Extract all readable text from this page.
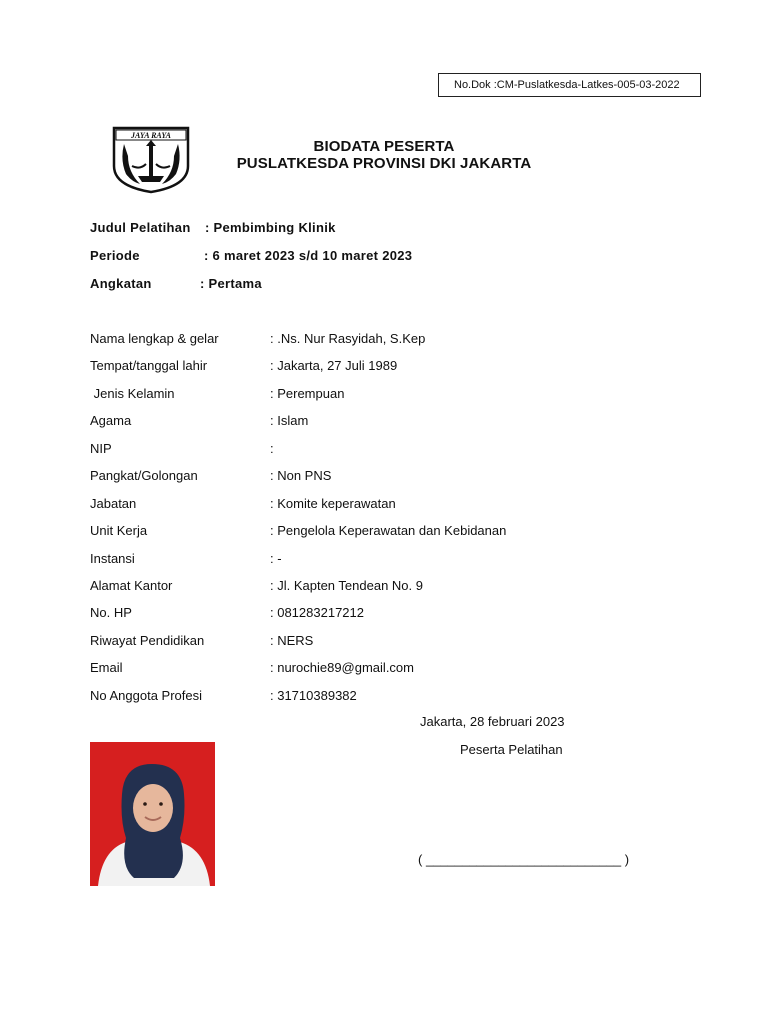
No.Dok :CM-Puslatkesda-Latkes-005-03-2022
JAYA RAYA
BIODATA PESERTA
PUSLATKESDA PROVINSI DKI JAKARTA
Judul Pelatihan : Pembimbing Klinik
Periode	: 6 maret 2023 s/d 10 maret 2023
Angkatan	: Pertama
Nama lengkap & gelar	: .Ns. Nur Rasyidah, S.Kep
Tempat/tanggal lahir	: Jakarta, 27 Juli 1989
Jenis Kelamin	: Perempuan
Agama	: Islam
NIP	:
Pangkat/Golongan	: Non PNS
Jabatan	: Komite keperawatan
Unit Kerja	: Pengelola Keperawatan dan Kebidanan
Instansi	: -
Alamat Kantor	: Jl. Kapten Tendean No. 9
No. HP	: 081283217212
Riwayat Pendidikan	: NERS
Email	: nurochie89@gmail.com
No Anggota Profesi	: 31710389382
Jakarta, 28 februari 2023
Peserta Pelatihan
( ___________________________ )
